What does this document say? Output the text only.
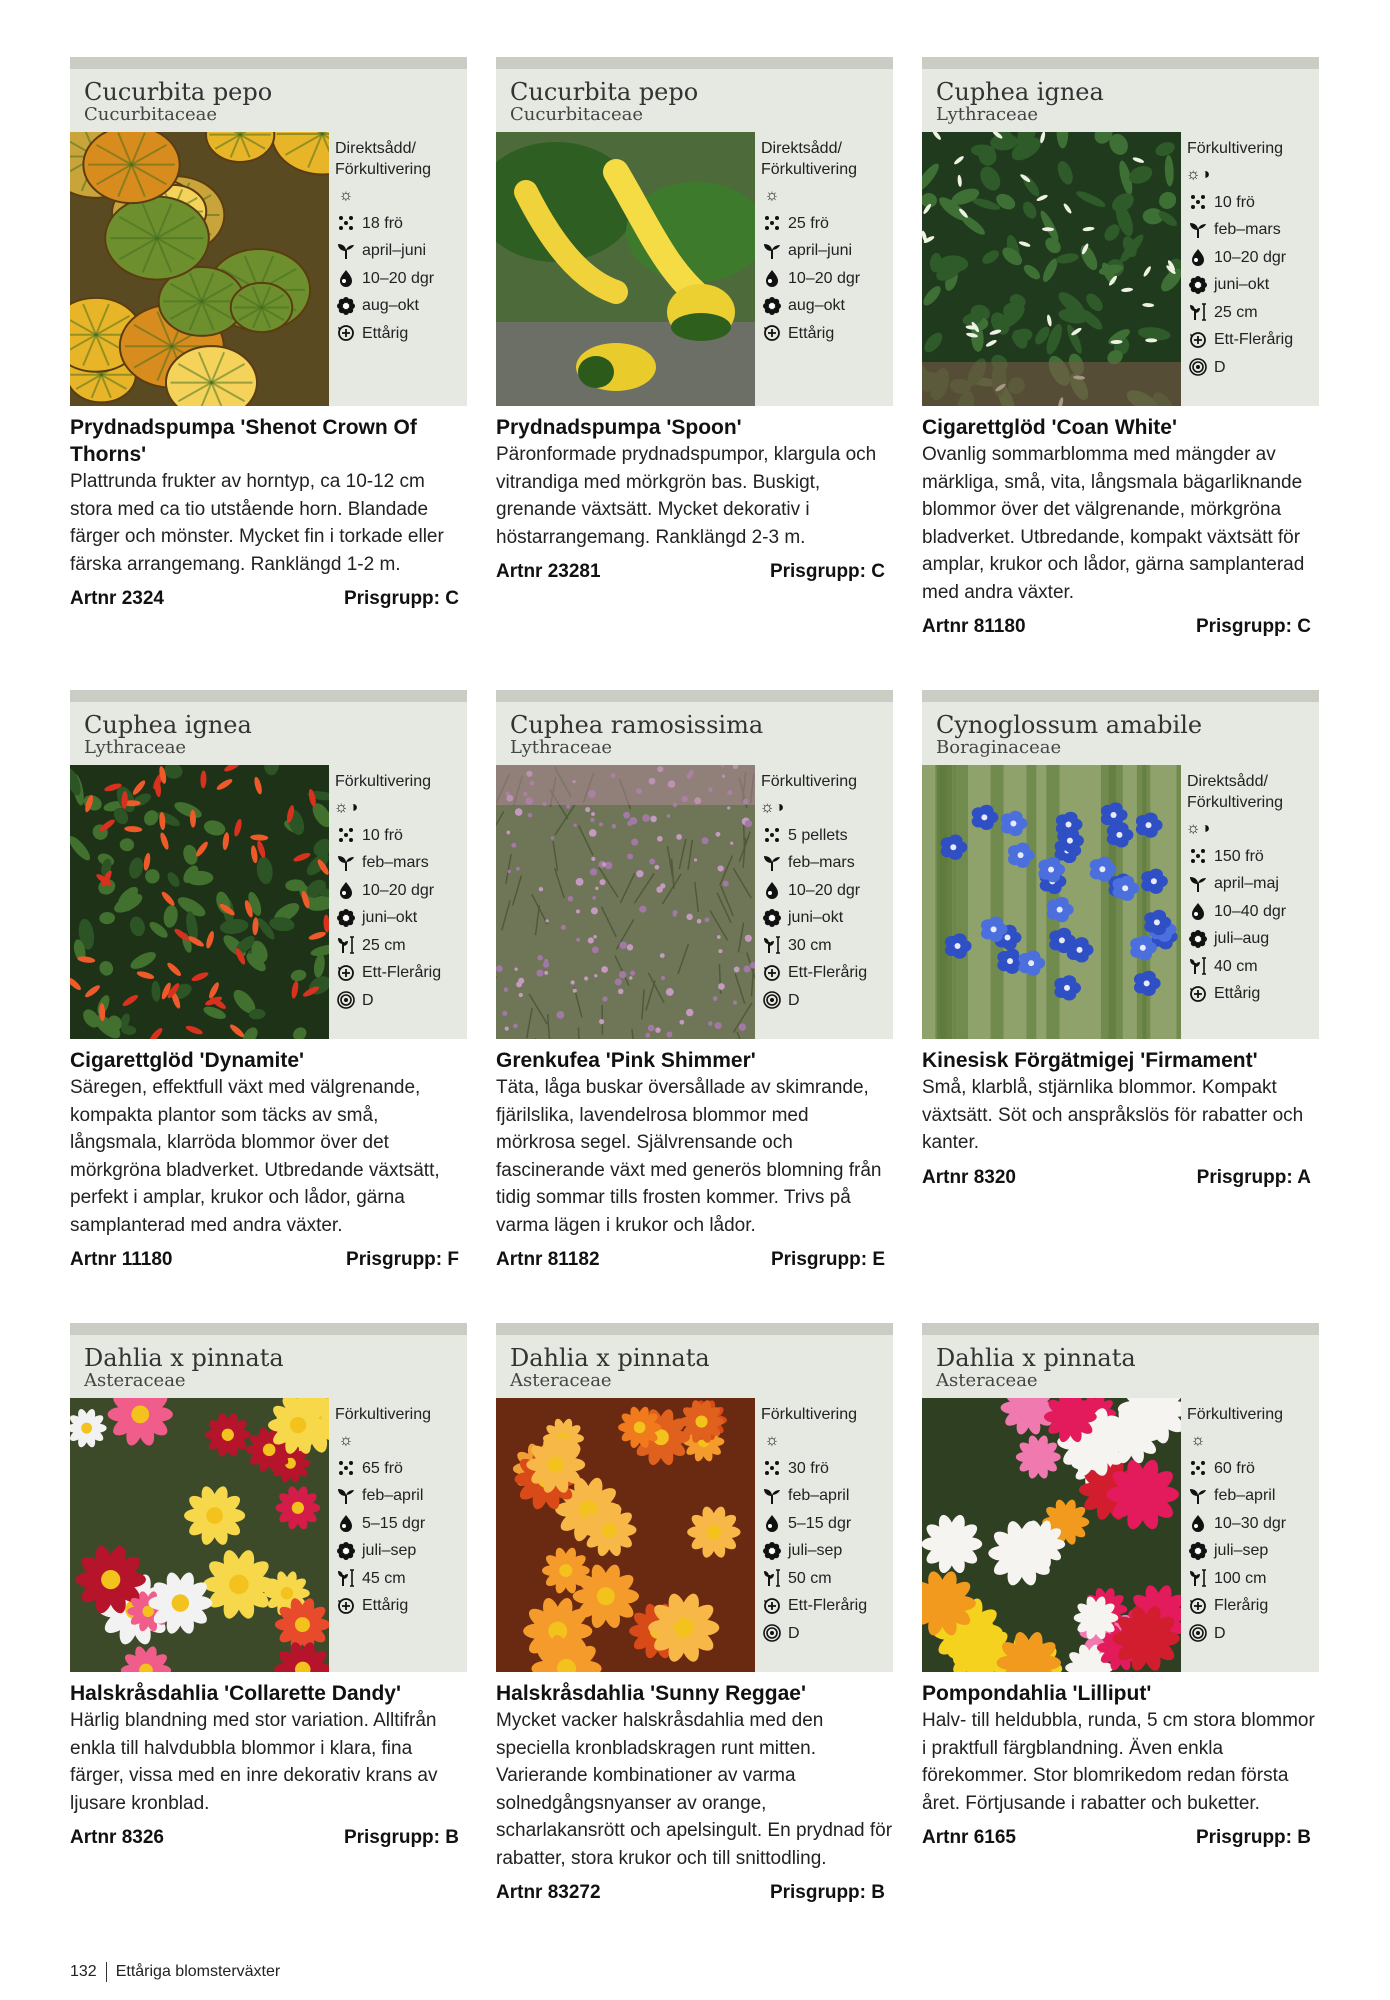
Cucurbita pepo
Cucurbitaceae
Direktsådd/
Förkultivering
☼
18 frö
april–juni
10–20 dgr
aug–okt
Ettårig
Prydnadspumpa 'Shenot Crown Of Thorns'
Plattrunda frukter av horntyp, ca 10-12 cm stora med ca tio utstående horn. Blandade färger och mönster. Mycket fin i torkade eller färska arrangemang. Ranklängd 1-2 m.
Artnr 2324	Prisgrupp: C
Cucurbita pepo
Cucurbitaceae
Direktsådd/
Förkultivering
☼
25 frö
april–juni
10–20 dgr
aug–okt
Ettårig
Prydnadspumpa 'Spoon'
Päronformade prydnadspumpor, klargula och vitrandiga med mörkgrön bas. Buskigt, grenande växtsätt. Mycket dekorativ i höstarrangemang. Ranklängd 2-3 m.
Artnr 23281	Prisgrupp: C
Cuphea ignea
Lythraceae
Förkultivering
☼◑
10 frö
feb–mars
10–20 dgr
juni–okt
25 cm
Ett-Flerårig
D
Cigarettglöd 'Coan White'
Ovanlig sommarblomma med mängder av märkliga, små, vita, långsmala bägarliknande blommor över det välgrenande, mörkgröna bladverket. Utbredande, kompakt växtsätt för amplar, krukor och lådor, gärna samplanterad med andra växter.
Artnr 81180	Prisgrupp: C
Cuphea ignea
Lythraceae
Förkultivering
☼◑
10 frö
feb–mars
10–20 dgr
juni–okt
25 cm
Ett-Flerårig
D
Cigarettglöd 'Dynamite'
Säregen, effektfull växt med välgrenande, kompakta plantor som täcks av små, långsmala, klarröda blommor över det mörkgröna bladverket. Utbredande växtsätt, perfekt i amplar, krukor och lådor, gärna samplanterad med andra växter.
Artnr 11180	Prisgrupp: F
Cuphea ramosissima
Lythraceae
Förkultivering
☼◑
5 pellets
feb–mars
10–20 dgr
juni–okt
30 cm
Ett-Flerårig
D
Grenkufea 'Pink Shimmer'
Täta, låga buskar översållade av skimrande, fjärilslika, lavendelrosa blommor med mörkrosa segel. Självrensande och fascinerande växt med generös blomning från tidig sommar tills frosten kommer. Trivs på varma lägen i krukor och lådor.
Artnr 81182	Prisgrupp: E
Cynoglossum amabile
Boraginaceae
Direktsådd/
Förkultivering
☼◑
150 frö
april–maj
10–40 dgr
juli–aug
40 cm
Ettårig
Kinesisk Förgätmigej 'Firmament'
Små, klarblå, stjärnlika blommor. Kompakt växtsätt. Söt och anspråkslös för rabatter och kanter.
Artnr 8320	Prisgrupp: A
Dahlia x pinnata
Asteraceae
Förkultivering
☼
65 frö
feb–april
5–15 dgr
juli–sep
45 cm
Ettårig
Halskråsdahlia 'Collarette Dandy'
Härlig blandning med stor variation. Alltifrån enkla till halvdubbla blommor i klara, fina färger, vissa med en inre dekorativ krans av ljusare kronblad.
Artnr 8326	Prisgrupp: B
Dahlia x pinnata
Asteraceae
Förkultivering
☼
30 frö
feb–april
5–15 dgr
juli–sep
50 cm
Ett-Flerårig
D
Halskråsdahlia 'Sunny Reggae'
Mycket vacker halskråsdahlia med den speciella kronbladskragen runt mitten. Varierande kombinationer av varma solnedgångsnyanser av orange, scharlakansrött och apelsingult. En prydnad för rabatter, stora krukor och till snittodling.
Artnr 83272	Prisgrupp: B
Dahlia x pinnata
Asteraceae
Förkultivering
☼
60 frö
feb–april
10–30 dgr
juli–sep
100 cm
Flerårig
D
Pompondahlia 'Lilliput'
Halv- till heldubbla, runda, 5 cm stora blommor i praktfull färgblandning. Även enkla förekommer. Stor blomrikedom redan första året. Förtjusande i rabatter och buketter.
Artnr 6165	Prisgrupp: B
132 Ettåriga blomsterväxter
